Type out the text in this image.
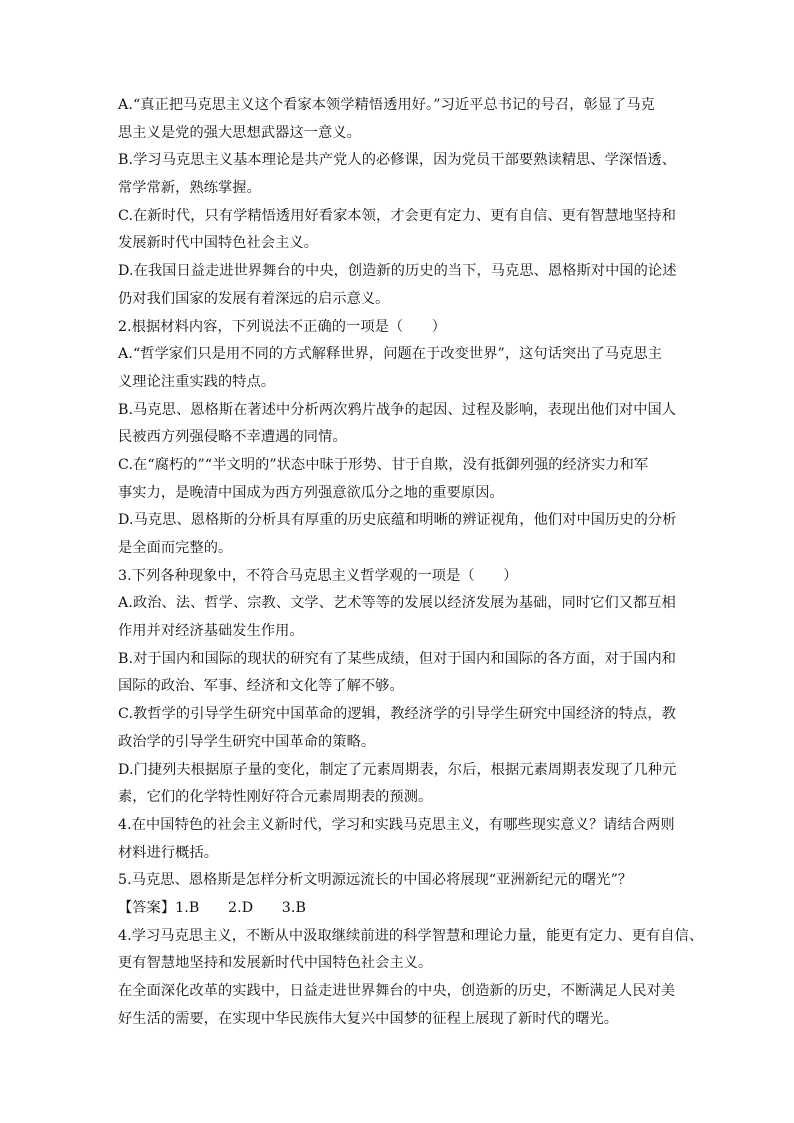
A.“真正把马克思主义这个看家本领学精悟透用好。”习近平总书记的号召，彰显了马克
思主义是党的强大思想武器这一意义。
B.学习马克思主义基本理论是共产党人的必修课，因为党员干部要熟读精思、学深悟透、
常学常新，熟练掌握。
C.在新时代，只有学精悟透用好看家本领，才会更有定力、更有自信、更有智慧地坚持和
发展新时代中国特色社会主义。
D.在我国日益走进世界舞台的中央，创造新的历史的当下，马克思、恩格斯对中国的论述
仍对我们国家的发展有着深远的启示意义。
2.根据材料内容，下列说法不正确的一项是（　　）
A.“哲学家们只是用不同的方式解释世界，问题在于改变世界”，这句话突出了马克思主
义理论注重实践的特点。
B.马克思、恩格斯在著述中分析两次鸦片战争的起因、过程及影响，表现出他们对中国人
民被西方列强侵略不幸遭遇的同情。
C.在“腐朽的”“半文明的”状态中昧于形势、甘于自欺，没有抵御列强的经济实力和军
事实力，是晚清中国成为西方列强意欲瓜分之地的重要原因。
D.马克思、恩格斯的分析具有厚重的历史底蕴和明晰的辨证视角，他们对中国历史的分析
是全面而完整的。
3.下列各种现象中，不符合马克思主义哲学观的一项是（　　）
A.政治、法、哲学、宗教、文学、艺术等等的发展以经济发展为基础，同时它们又都互相
作用并对经济基础发生作用。
B.对于国内和国际的现状的研究有了某些成绩，但对于国内和国际的各方面，对于国内和
国际的政治、军事、经济和文化等了解不够。
C.教哲学的引导学生研究中国革命的逻辑，教经济学的引导学生研究中国经济的特点，教
政治学的引导学生研究中国革命的策略。
D.门捷列夫根据原子量的变化，制定了元素周期表，尔后，根据元素周期表发现了几种元
素，它们的化学特性刚好符合元素周期表的预测。
4.在中国特色的社会主义新时代，学习和实践马克思主义，有哪些现实意义？请结合两则
材料进行概括。
5.马克思、恩格斯是怎样分析文明源远流长的中国必将展现“亚洲新纪元的曙光”？
【答案】1.B　　2.D　　3.B
4.学习马克思主义，不断从中汲取继续前进的科学智慧和理论力量，能更有定力、更有自信、
更有智慧地坚持和发展新时代中国特色社会主义。
在全面深化改革的实践中，日益走进世界舞台的中央，创造新的历史，不断满足人民对美
好生活的需要，在实现中华民族伟大复兴中国梦的征程上展现了新时代的曙光。
